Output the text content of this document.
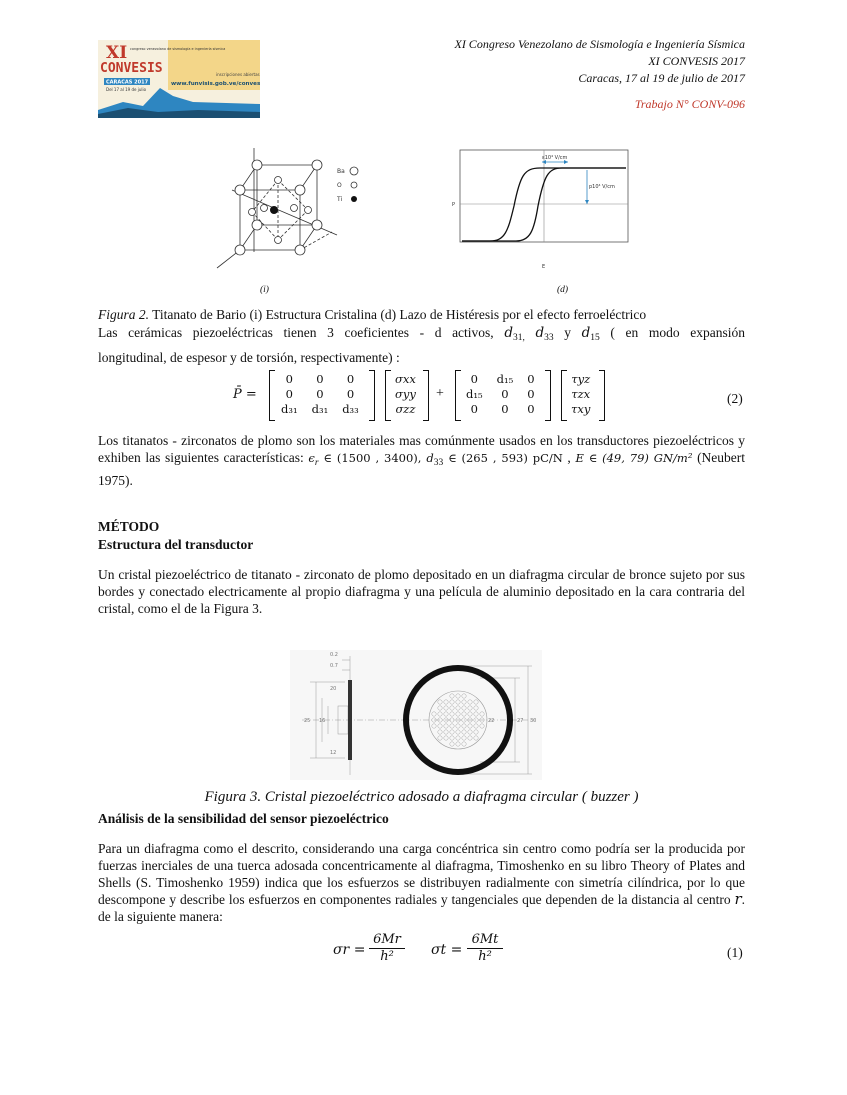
XI Congreso Venezolano de Sismología e Ingeniería Sísmica
XI CONVESIS 2017
Caracas, 17 al 19 de julio de 2017
Trabajo N° CONV-096
XI
CONVESIS
congreso venezolano de sismología e ingeniería sísmica
CARACAS 2017
Del 17 al 19 de julio
inscripciones abiertas
www.funvisis.gob.ve/convesis
Ba
O
Ti
ε10⁴ V/cm
p10⁴ V/cm
P
E
(i)	(d)
Figura 2. Titanato de Bario (i) Estructura Cristalina (d) Lazo de Histéresis por el efecto ferroeléctrico
Las cerámicas piezoeléctricas tienen 3 coeficientes - d activos, $d_{31,}$ $d_{33}$ y $d_{15}$ ( en modo expansión
longitudinal, de espesor y de torsión, respectivamente) :
P̄ =
0	0	0
0	0	0
d₃₁	d₃₁	d₃₃
σxx
σyy
σzz
+
0	d₁₅	0
d₁₅	0	0
0	0	0
τyz
τzx
τxy
(2)
Los titanatos - zirconatos de plomo son los materiales mas comúnmente usados en los transductores piezoeléctricos y exhiben las siguientes características: $\epsilon_r$ ∈ (1500 , 3400), $d_{33}$ ∈ (265 , 593) pC/N , E ∈ (49, 79) GN/m² (Neubert 1975).
MÉTODO
Estructura del transductor
Un cristal piezoeléctrico de titanato - zirconato de plomo depositado en un diafragma circular de bronce sujeto por sus bordes y conectado electricamente al propio diafragma y una película de aluminio depositado en la cara contraria del cristal, como el de la Figura 3.
0.2
0.7
20
25 16
12
22	27 30
Figura 3. Cristal piezoeléctrico adosado a diafragma circular ( buzzer )
Análisis de la sensibilidad del sensor piezoeléctrico
Para un diafragma como el descrito, considerando una carga concéntrica sin centro como podría ser la producida por fuerzas inerciales de una tuerca adosada concentricamente al diafragma, Timoshenko en su libro Theory of Plates and Shells (S. Timoshenko 1959) indica que los esfuerzos se distribuyen radialmente con simetría cilíndrica, por lo que descompone y describe los esfuerzos en componentes radiales y tangenciales que dependen de la distancia al centro r. de la siguiente manera:
$\sigma r = \frac{6Mr}{\text{h²}}$ $\sigma t = \frac{6Mt}{\text{h²}}$	(1)
